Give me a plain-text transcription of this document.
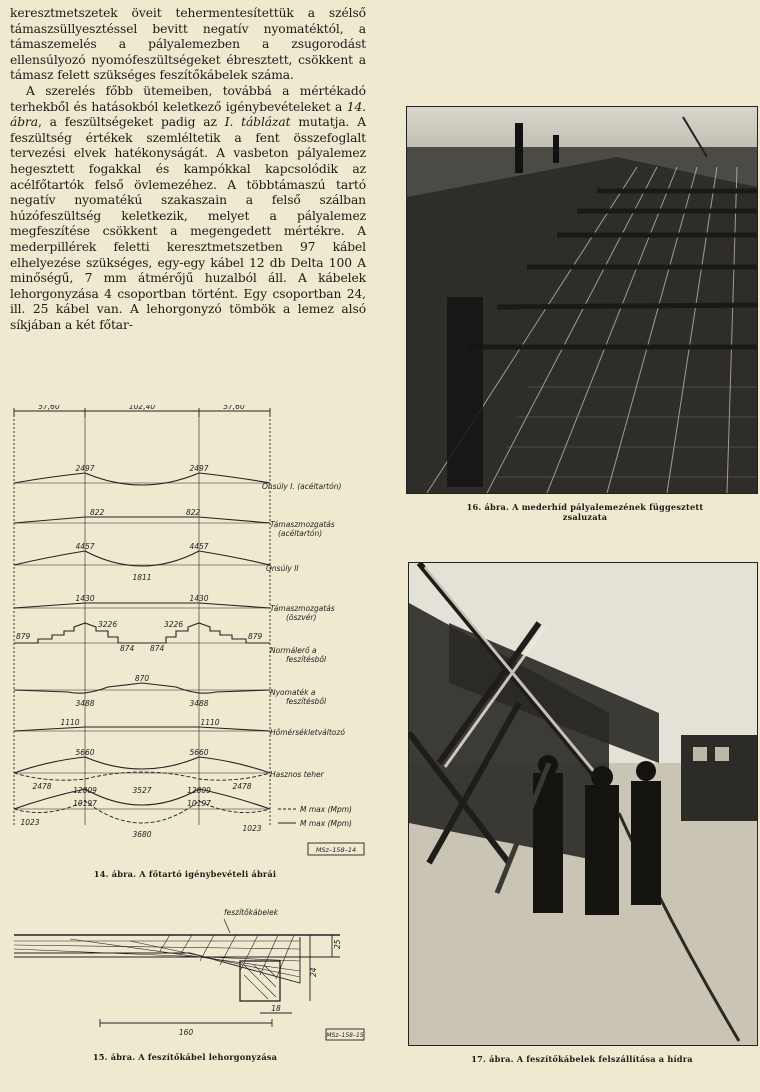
keresztmetszetek öveit tehermentesítettük a szélső támaszsüllyesztéssel bevitt negatív nyomatéktól, a támaszemelés a pályalemezben a zsugorodást ellensúlyozó nyomófeszültségeket ébresztett, csökkent a támasz felett szükséges feszítőkábelek száma.

A szerelés főbb ütemeiben, továbbá a mértékadó terhekből és hatásokból keletkező igénybevételeket a 14. ábra, a feszültségeket padig az I. táblázat mutatja. A feszültség értékek szemléltetik a fent összefoglalt tervezési elvek hatékonyságát. A vasbeton pályalemez hegesztett fogakkal és kampókkal kapcsolódik az acélfőtartók felső övlemezéhez. A többtámaszú tartó negatív nyomatékú szakaszain a felső szálban húzófeszültség keletkezik, melyet a pályalemez megfeszítése csökkent a megengedett mértékre. A mederpillérek feletti keresztmetszetben 97 kábel elhelyezése szükséges, egy-egy kábel 12 db Delta 100 A minőségű, 7 mm átmérőjű huzalból áll. A kábelek lehorgonyzása 4 csoportban történt. Egy csoportban 24, ill. 25 kábel van. A lehorgonyzó tömbök a lemez alsó síkjában a két főtar-

57,60	102,40	57,60
2497	2497
Önsúly I. (acéltartón)
822	822
Támaszmozgatás
(acéltartón)
4457	4457
1811
Önsúly II
1430	1430
Támaszmozgatás
(öszvér)
879
3226
874 874
3226
879
Normálerő a
feszítésből
870
3488	3488
Nyomaték a
feszítésből
1110	1110
Hőmérsékletváltozó
5660	5660
2478	12809	3527	12809	2478
Hasznos teher
10197	10197
1023
3680
1023
M max (Mpm)
M max (Mpm)
MSz–158–14
14. ábra. A főtartó igénybevételi ábrái
feszítőkábelek
160
18
24
25
MSz–158–15
15. ábra. A feszítőkábel lehorgonyzása
16. ábra. A mederhíd pályalemezének függesztett
zsaluzata
17. ábra. A feszítőkábelek felszállítása a hídra
